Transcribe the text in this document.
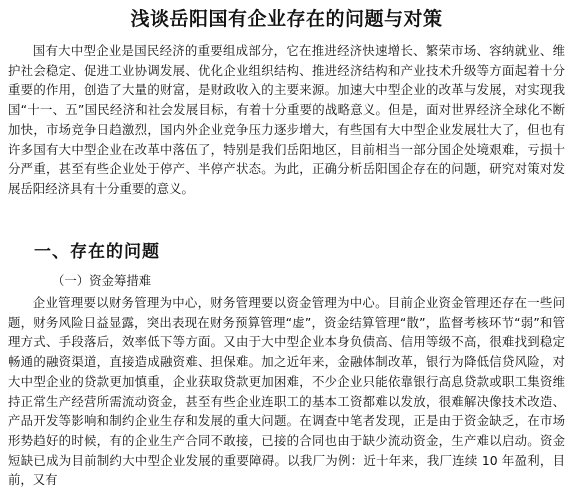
浅谈岳阳国有企业存在的问题与对策

国有大中型企业是国民经济的重要组成部分，它在推进经济快速增长、繁荣市场、容纳就业、维护社会稳定、促进工业协调发展、优化企业组织结构、推进经济结构和产业技术升级等方面起着十分重要的作用，创造了大量的财富，是财政收入的主要来源。加速大中型企业的改革与发展，对实现我国“十一、五”国民经济和社会发展目标，有着十分重要的战略意义。但是，面对世界经济全球化不断加快，市场竞争日趋激烈，国内外企业竞争压力逐步增大，有些国有大中型企业发展壮大了，但也有许多国有大中型企业在改革中落伍了，特别是我们岳阳地区，目前相当一部分国企处境艰难，亏损十分严重，甚至有些企业处于停产、半停产状态。为此，正确分析岳阳国企存在的问题，研究对策对发展岳阳经济具有十分重要的意义。

一、存在的问题
（一）资金筹措难

企业管理要以财务管理为中心，财务管理要以资金管理为中心。目前企业资金管理还存在一些问题，财务风险日益显露，突出表现在财务预算管理“虚”，资金结算管理“散”，监督考核环节“弱”和管理方式、手段落后，效率低下等方面。又由于大中型企业本身负债高、信用等级不高，很难找到稳定畅通的融资渠道，直接造成融资难、担保难。加之近年来，金融体制改革，银行为降低信贷风险，对大中型企业的贷款更加慎重，企业获取贷款更加困难，不少企业只能依靠银行高息贷款或职工集资维持正常生产经营所需流动资金，甚至有些企业连职工的基本工资都难以发放，很难解决像技术改造、产品开发等影响和制约企业生存和发展的重大问题。在调查中笔者发现，正是由于资金缺乏，在市场形势趋好的时候，有的企业生产合同不敢接，已接的合同也由于缺少流动资金，生产难以启动。资金短缺已成为目前制约大中型企业发展的重要障碍。以我厂为例：近十年来，我厂连续 10 年盈利，目前，又有
